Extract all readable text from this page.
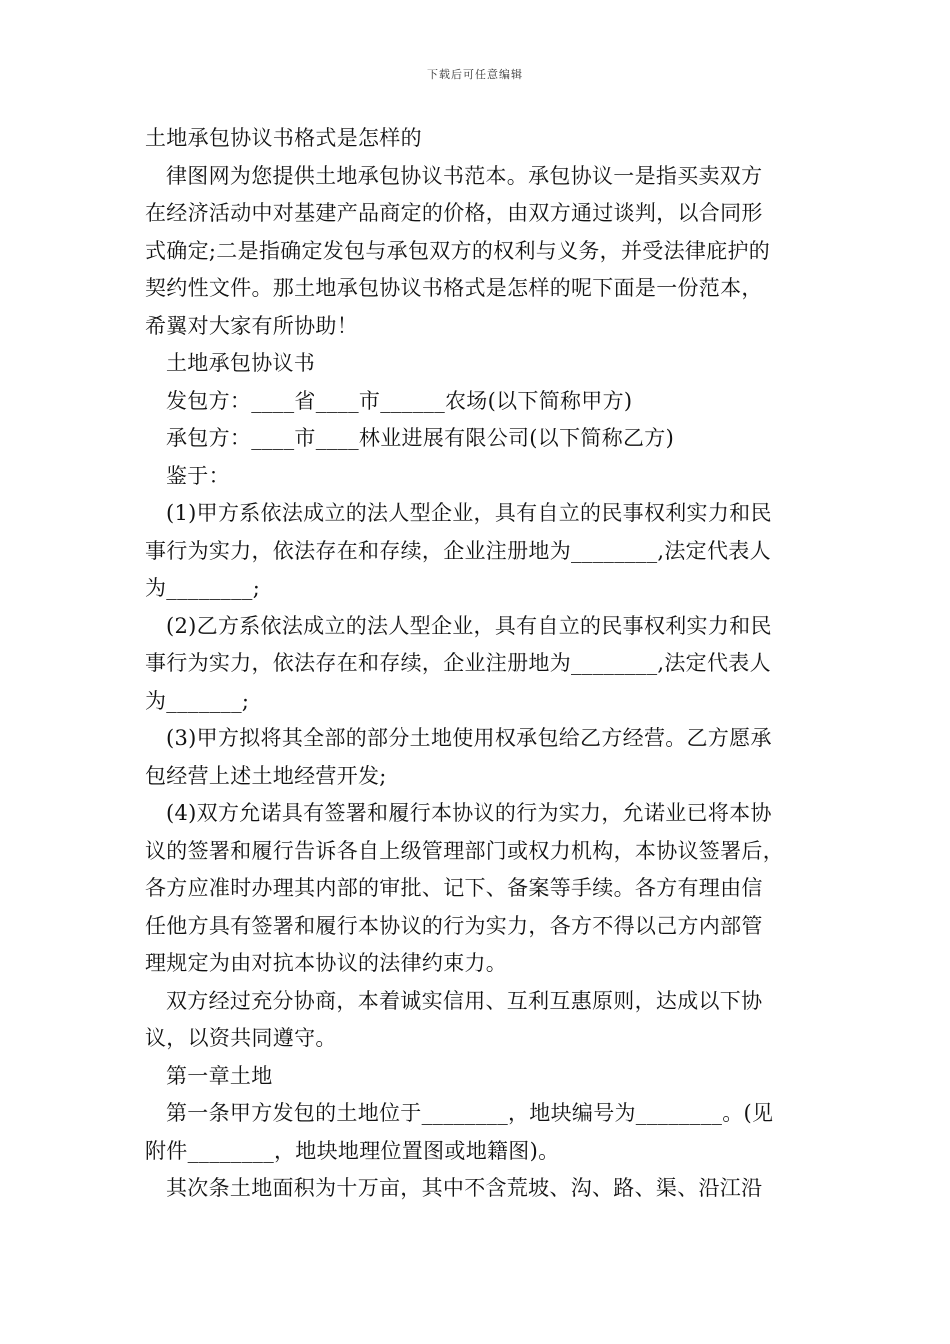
下载后可任意编辑
土地承包协议书格式是怎样的
律图网为您提供土地承包协议书范本。承包协议一是指买卖双方
在经济活动中对基建产品商定的价格，由双方通过谈判，以合同形
式确定;二是指确定发包与承包双方的权利与义务，并受法律庇护的
契约性文件。那土地承包协议书格式是怎样的呢下面是一份范本，
希翼对大家有所协助！
土地承包协议书
发包方：____省____市______农场(以下简称甲方)
承包方：____市____林业进展有限公司(以下简称乙方)
鉴于：
(1)甲方系依法成立的法人型企业，具有自立的民事权利实力和民
事行为实力，依法存在和存续，企业注册地为________,法定代表人
为________;
(2)乙方系依法成立的法人型企业，具有自立的民事权利实力和民
事行为实力，依法存在和存续，企业注册地为________,法定代表人
为_______;
(3)甲方拟将其全部的部分土地使用权承包给乙方经营。乙方愿承
包经营上述土地经营开发;
(4)双方允诺具有签署和履行本协议的行为实力，允诺业已将本协
议的签署和履行告诉各自上级管理部门或权力机构，本协议签署后，
各方应准时办理其内部的审批、记下、备案等手续。各方有理由信
任他方具有签署和履行本协议的行为实力，各方不得以己方内部管
理规定为由对抗本协议的法律约束力。
双方经过充分协商，本着诚实信用、互利互惠原则，达成以下协
议，以资共同遵守。
第一章土地
第一条甲方发包的土地位于________，地块编号为________。(见
附件________，地块地理位置图或地籍图)。
其次条土地面积为十万亩，其中不含荒坡、沟、路、渠、沿江沿
